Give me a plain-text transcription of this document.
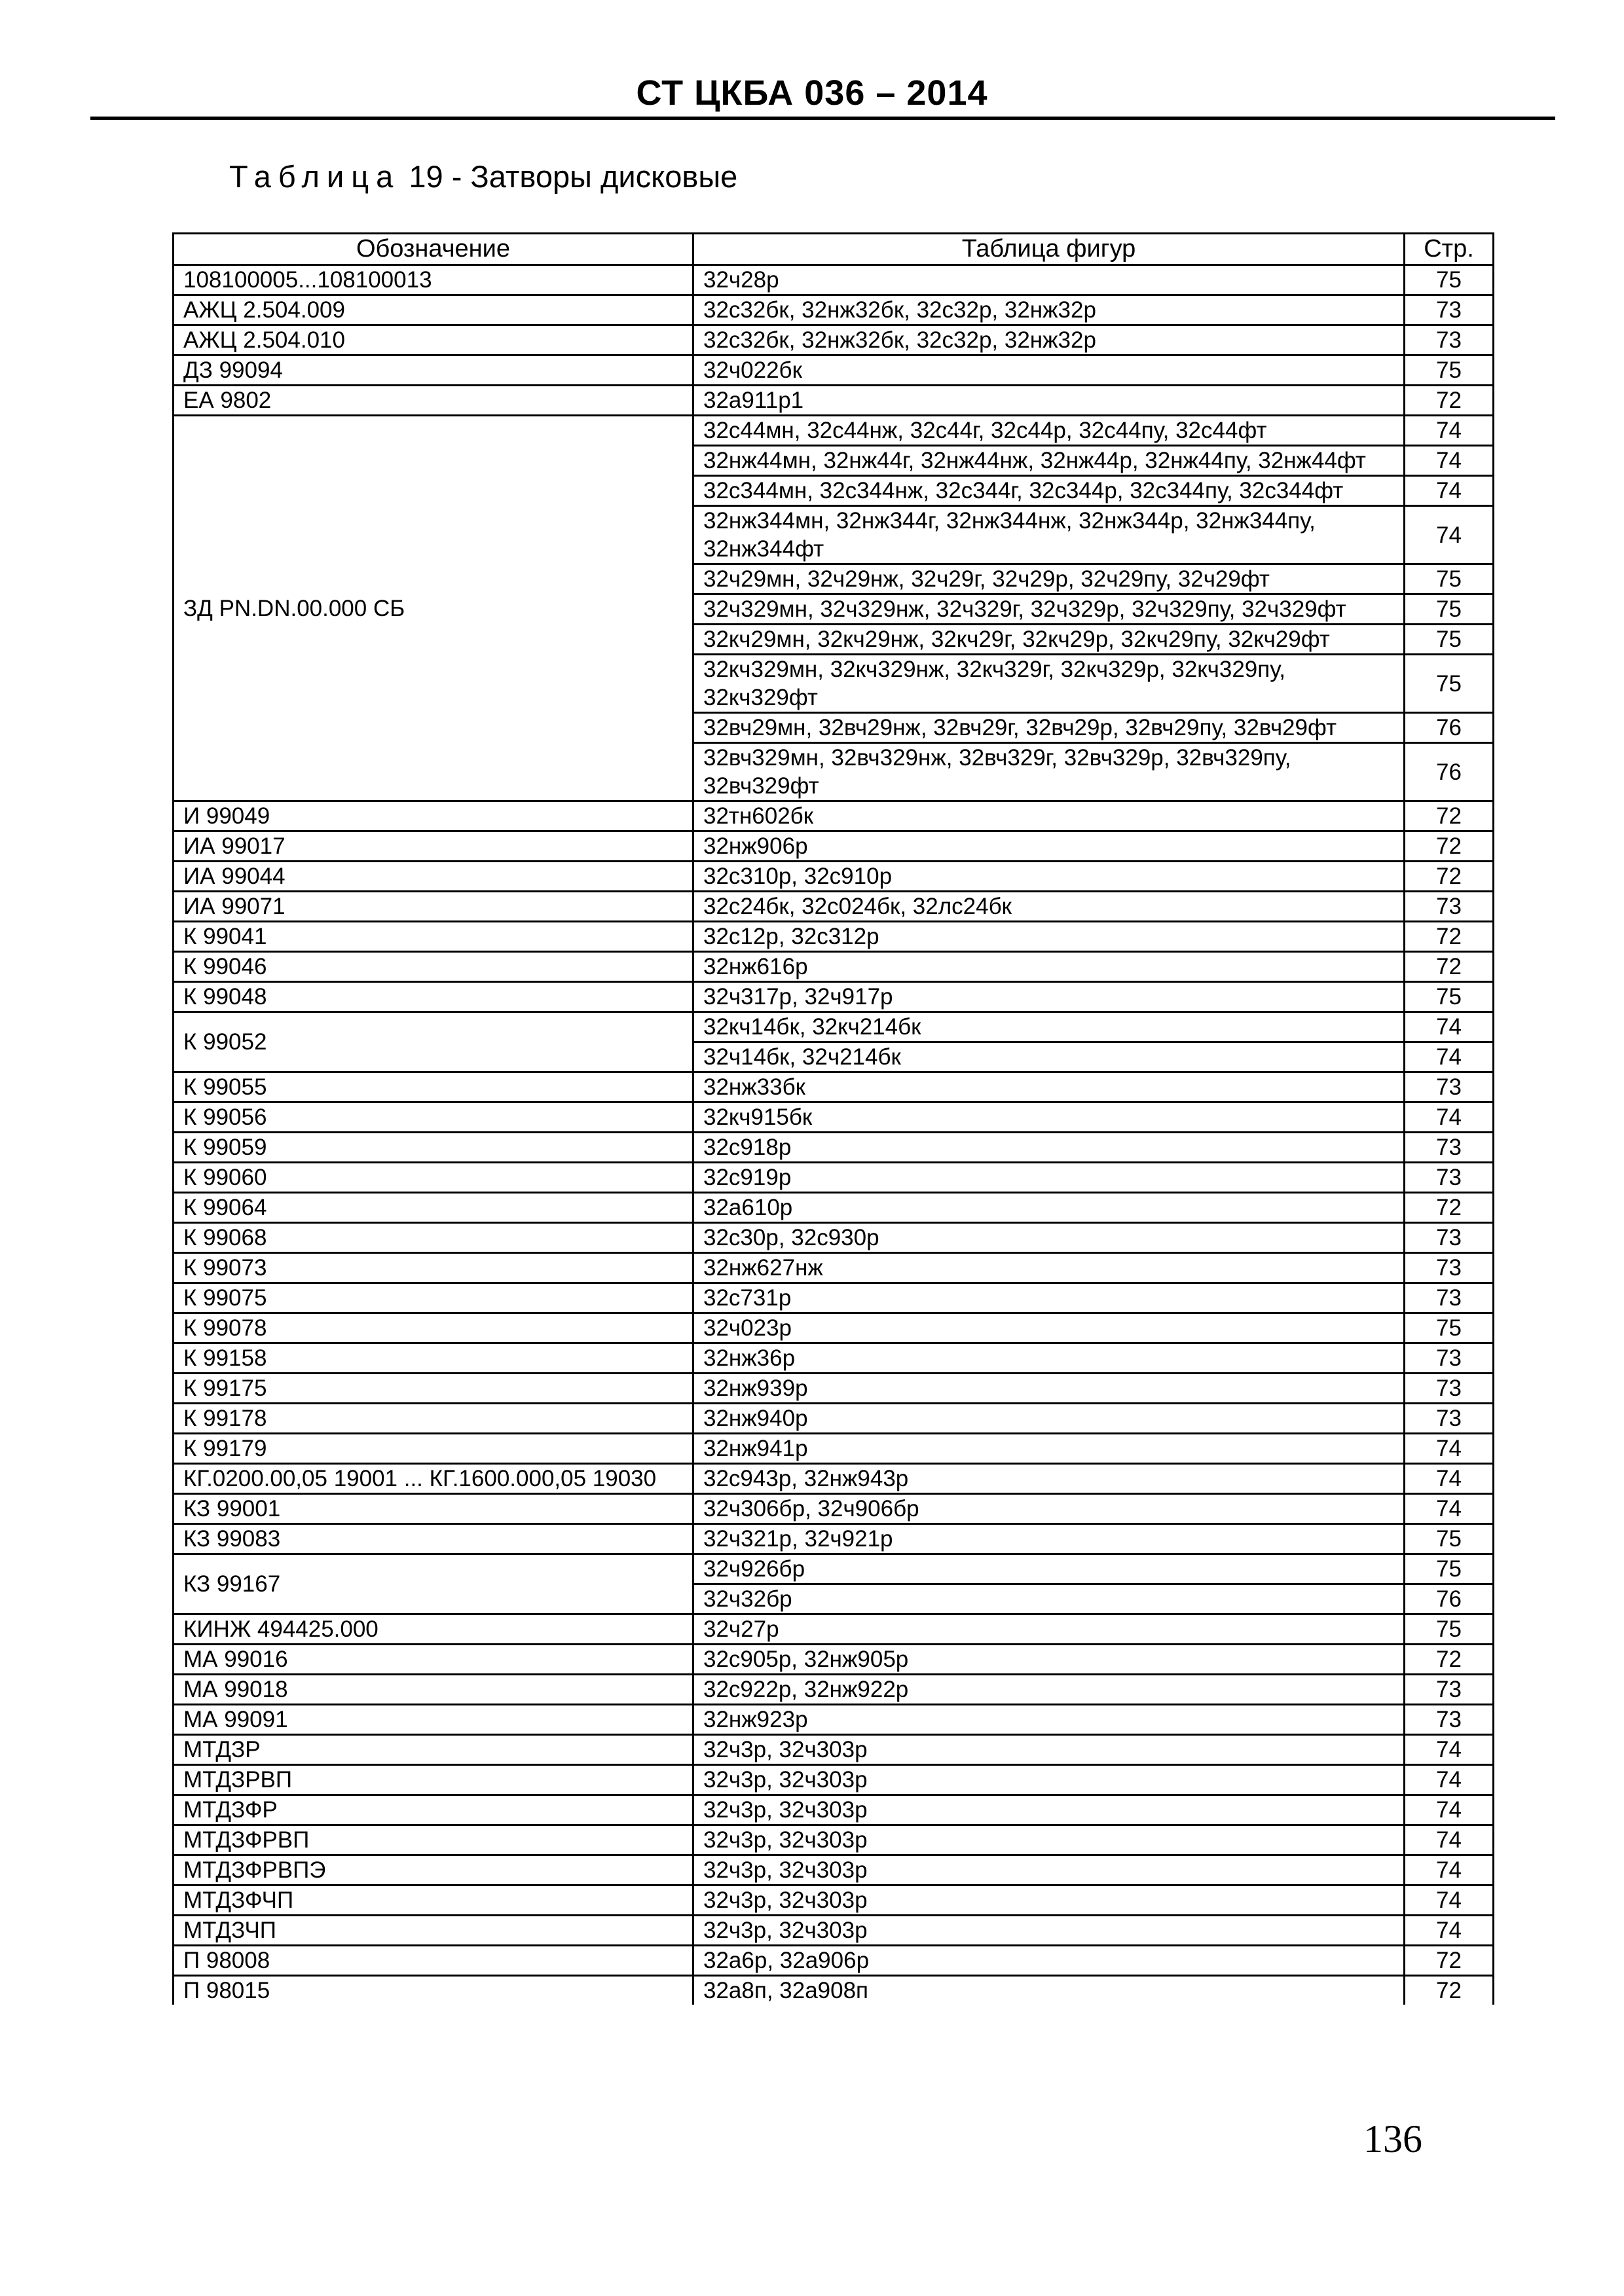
СТ ЦКБА 036 – 2014
Таблица 19 - Затворы дисковые
Обозначение	Таблица фигур	Стр.
108100005...108100013	32ч28р	75
АЖЦ 2.504.009	32с32бк, 32нж32бк, 32с32р, 32нж32р	73
АЖЦ 2.504.010	32с32бк, 32нж32бк, 32с32р, 32нж32р	73
ДЗ 99094	32ч022бк	75
ЕА 9802	32а911р1	72
ЗД PN.DN.00.000 СБ	32с44мн, 32с44нж, 32с44г, 32с44р, 32с44пу, 32с44фт	74
	32нж44мн, 32нж44г, 32нж44нж, 32нж44р, 32нж44пу, 32нж44фт	74
	32с344мн, 32с344нж, 32с344г, 32с344р, 32с344пу, 32с344фт	74
	32нж344мн, 32нж344г, 32нж344нж, 32нж344р, 32нж344пу, 32нж344фт	74
	32ч29мн, 32ч29нж, 32ч29г, 32ч29р, 32ч29пу, 32ч29фт	75
	32ч329мн, 32ч329нж, 32ч329г, 32ч329р, 32ч329пу, 32ч329фт	75
	32кч29мн, 32кч29нж, 32кч29г, 32кч29р, 32кч29пу, 32кч29фт	75
	32кч329мн, 32кч329нж, 32кч329г, 32кч329р, 32кч329пу, 32кч329фт	75
	32вч29мн, 32вч29нж, 32вч29г, 32вч29р, 32вч29пу, 32вч29фт	76
	32вч329мн, 32вч329нж, 32вч329г, 32вч329р, 32вч329пу, 32вч329фт	76
И 99049	32тн602бк	72
ИА 99017	32нж906р	72
ИА 99044	32с310р, 32с910р	72
ИА 99071	32с24бк, 32с024бк, 32лс24бк	73
К 99041	32с12р, 32с312р	72
К 99046	32нж616р	72
К 99048	32ч317р, 32ч917р	75
К 99052	32кч14бк, 32кч214бк	74
	32ч14бк, 32ч214бк	74
К 99055	32нж33бк	73
К 99056	32кч915бк	74
К 99059	32с918р	73
К 99060	32с919р	73
К 99064	32а610р	72
К 99068	32с30р, 32с930р	73
К 99073	32нж627нж	73
К 99075	32с731р	73
К 99078	32ч023р	75
К 99158	32нж36р	73
К 99175	32нж939р	73
К 99178	32нж940р	73
К 99179	32нж941р	74
КГ.0200.00,05 19001 ... КГ.1600.000,05 19030	32с943р, 32нж943р	74
КЗ 99001	32ч306бр, 32ч906бр	74
КЗ 99083	32ч321р, 32ч921р	75
КЗ 99167	32ч926бр	75
	32ч32бр	76
КИНЖ 494425.000	32ч27р	75
МА 99016	32с905р, 32нж905р	72
МА 99018	32с922р, 32нж922р	73
МА 99091	32нж923р	73
МТДЗР	32ч3р, 32ч303р	74
МТДЗРВП	32ч3р, 32ч303р	74
МТДЗФР	32ч3р, 32ч303р	74
МТДЗФРВП	32ч3р, 32ч303р	74
МТДЗФРВПЭ	32ч3р, 32ч303р	74
МТДЗФЧП	32ч3р, 32ч303р	74
МТДЗЧП	32ч3р, 32ч303р	74
П 98008	32а6р, 32а906р	72
П 98015	32а8п, 32а908п	72
136
